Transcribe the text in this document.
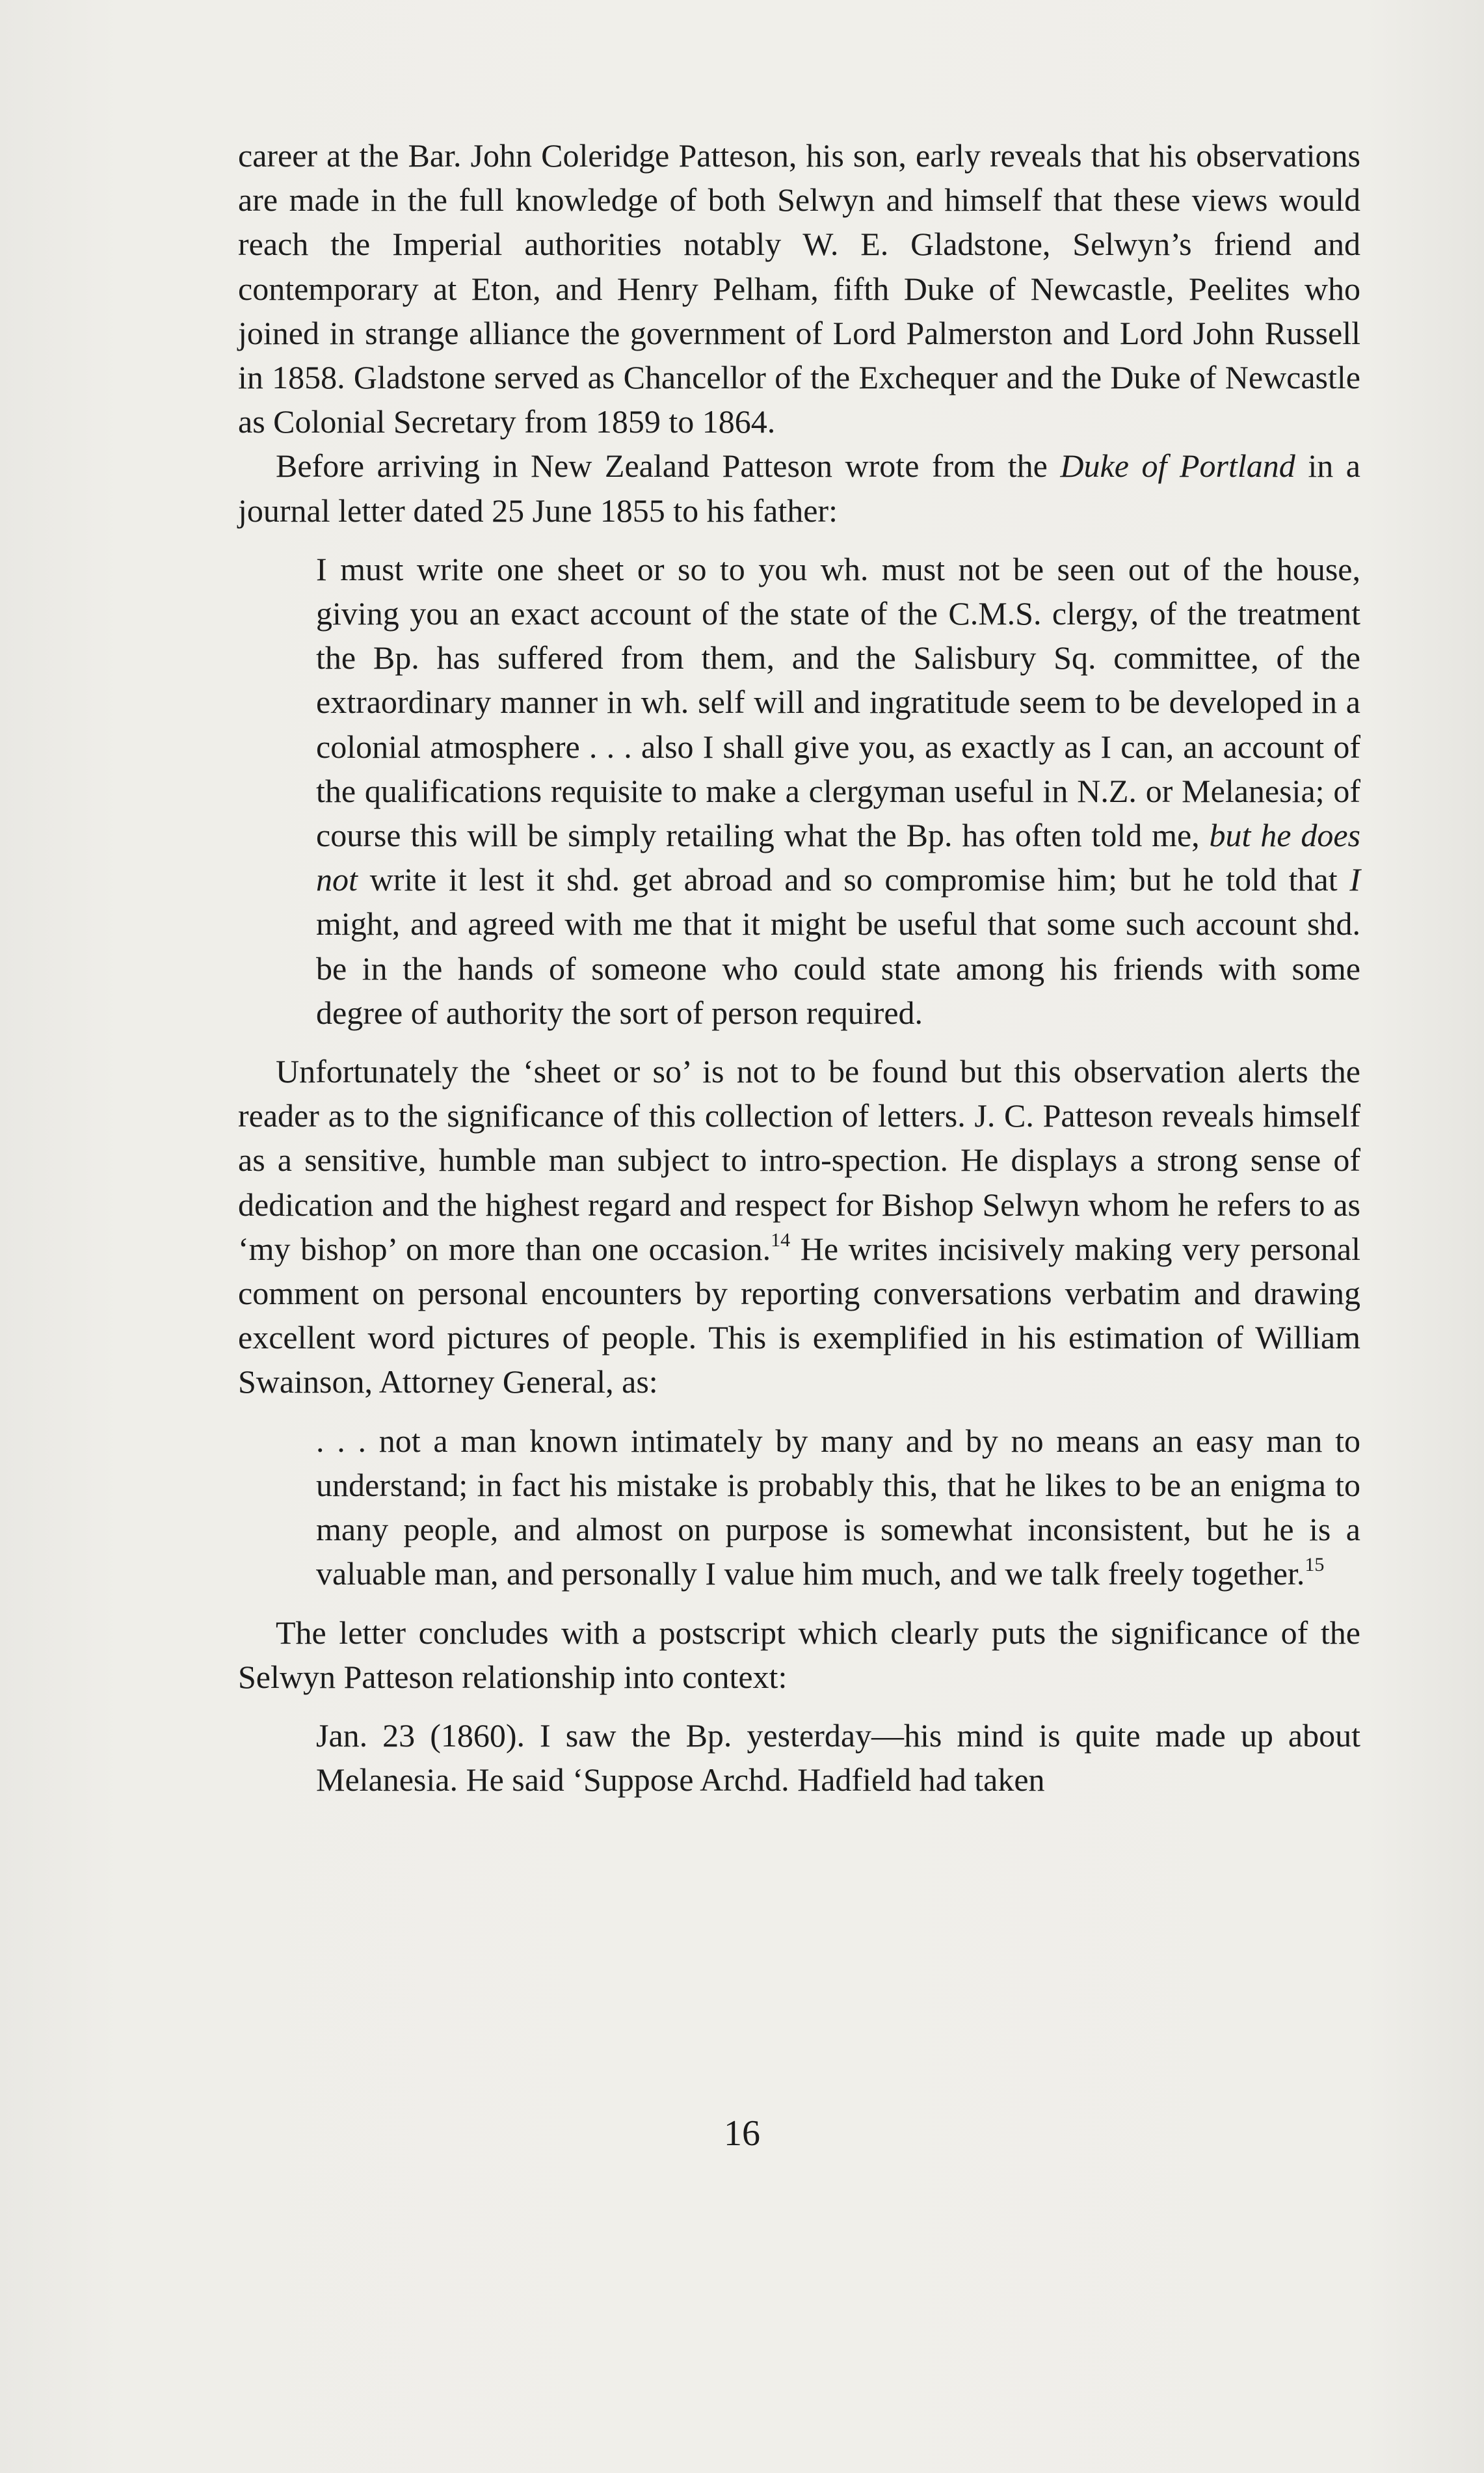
career at the Bar. John Coleridge Patteson, his son, early reveals that his observations are made in the full knowledge of both Selwyn and himself that these views would reach the Imperial authorities notably W. E. Gladstone, Selwyn’s friend and contemporary at Eton, and Henry Pelham, fifth Duke of Newcastle, Peelites who joined in strange alliance the government of Lord Palmerston and Lord John Russell in 1858. Gladstone served as Chancellor of the Exchequer and the Duke of Newcastle as Colonial Secretary from 1859 to 1864.

Before arriving in New Zealand Patteson wrote from the Duke of Portland in a journal letter dated 25 June 1855 to his father:

I must write one sheet or so to you wh. must not be seen out of the house, giving you an exact account of the state of the C.M.S. clergy, of the treatment the Bp. has suffered from them, and the Salisbury Sq. committee, of the extraordinary manner in wh. self will and ingratitude seem to be developed in a colonial atmosphere . . . also I shall give you, as exactly as I can, an account of the qualifications requisite to make a clergyman useful in N.Z. or Melanesia; of course this will be simply retailing what the Bp. has often told me, but he does not write it lest it shd. get abroad and so compromise him; but he told that I might, and agreed with me that it might be useful that some such account shd. be in the hands of someone who could state among his friends with some degree of authority the sort of person required.

Unfortunately the ‘sheet or so’ is not to be found but this observation alerts the reader as to the significance of this collection of letters. J. C. Patteson reveals himself as a sensitive, humble man subject to intro-spection. He displays a strong sense of dedication and the highest regard and respect for Bishop Selwyn whom he refers to as ‘my bishop’ on more than one occasion.$^{14}$ He writes incisively making very personal comment on personal encounters by reporting conversations verbatim and drawing excellent word pictures of people. This is exemplified in his estimation of William Swainson, Attorney General, as:

. . . not a man known intimately by many and by no means an easy man to understand; in fact his mistake is probably this, that he likes to be an enigma to many people, and almost on purpose is somewhat inconsistent, but he is a valuable man, and personally I value him much, and we talk freely together.$^{15}$

The letter concludes with a postscript which clearly puts the significance of the Selwyn Patteson relationship into context:

Jan. 23 (1860). I saw the Bp. yesterday—his mind is quite made up about Melanesia. He said ‘Suppose Archd. Hadfield had taken

16
